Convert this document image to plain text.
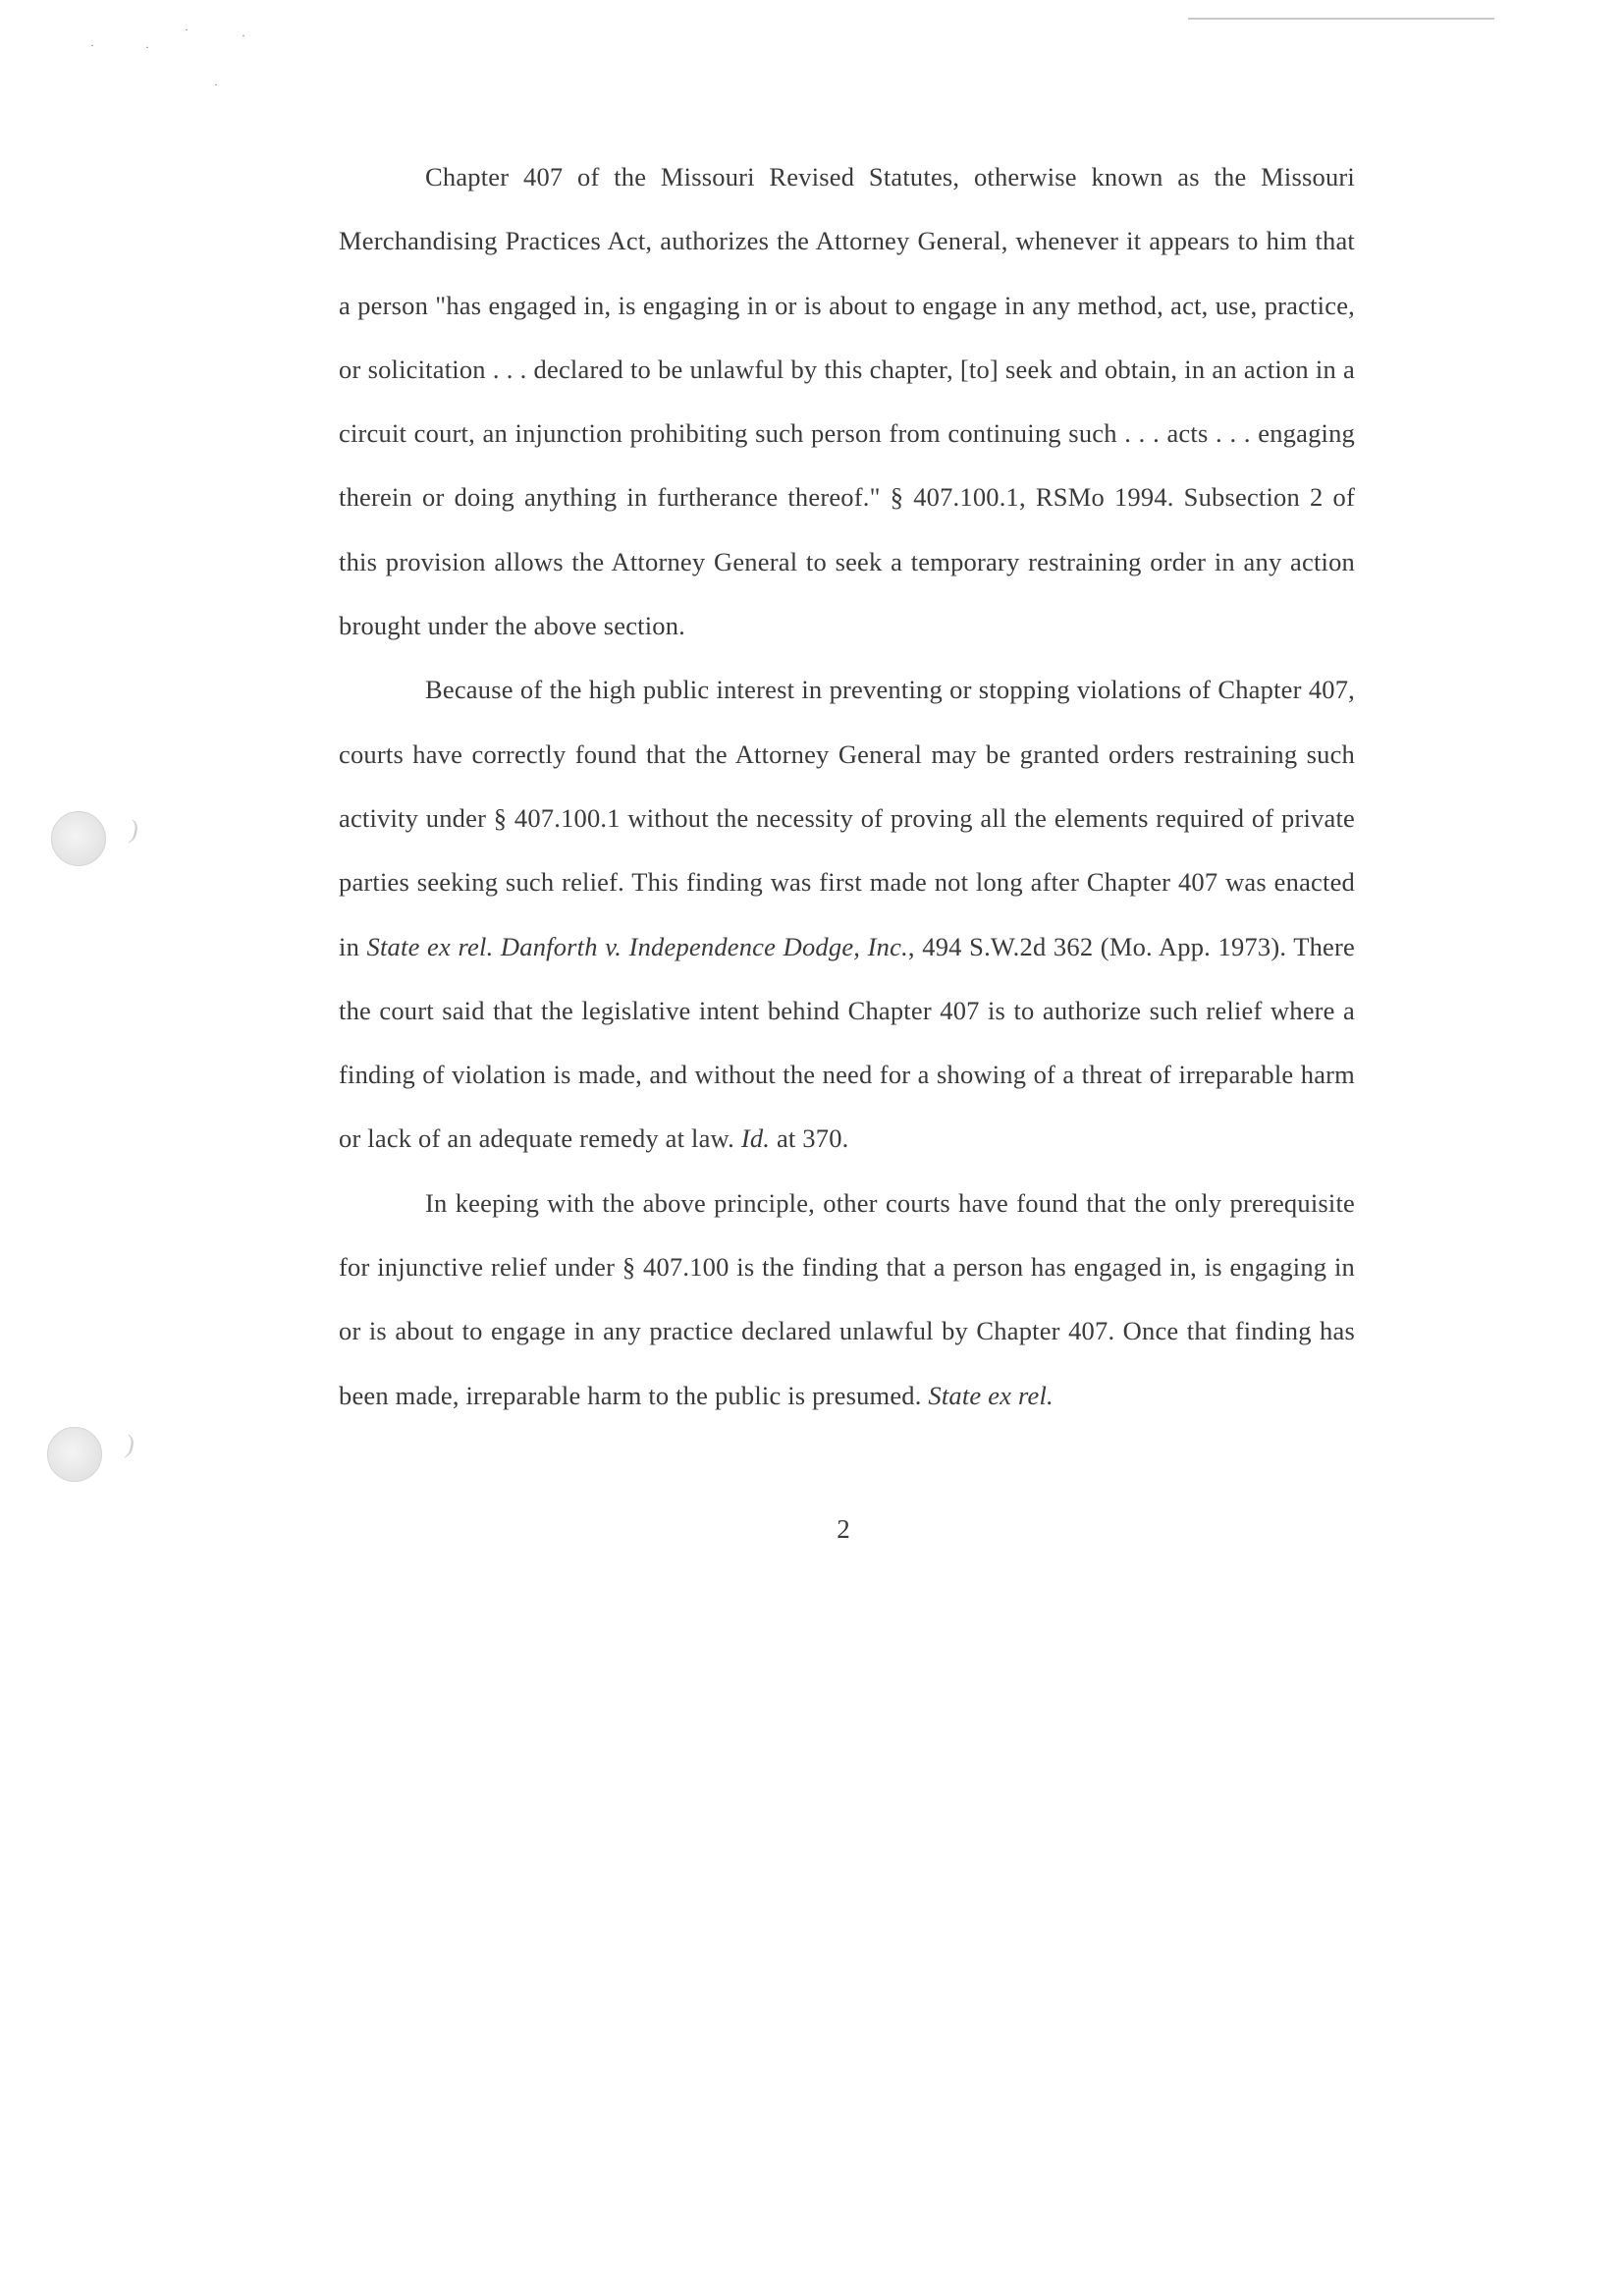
·	·
·	·
·
)
)

Chapter 407 of the Missouri Revised Statutes, otherwise known as the Missouri Merchandising Practices Act, authorizes the Attorney General, whenever it appears to him that a person "has engaged in, is engaging in or is about to engage in any method, act, use, practice, or solicitation . . . declared to be unlawful by this chapter, [to] seek and obtain, in an action in a circuit court, an injunction prohibiting such person from continuing such . . . acts . . . engaging therein or doing anything in furtherance thereof." § 407.100.1, RSMo 1994. Subsection 2 of this provision allows the Attorney General to seek a temporary restraining order in any action brought under the above section.

Because of the high public interest in preventing or stopping violations of Chapter 407, courts have correctly found that the Attorney General may be granted orders restraining such activity under § 407.100.1 without the necessity of proving all the elements required of private parties seeking such relief. This finding was first made not long after Chapter 407 was enacted in State ex rel. Danforth v. Independence Dodge, Inc., 494 S.W.2d 362 (Mo. App. 1973). There the court said that the legislative intent behind Chapter 407 is to authorize such relief where a finding of violation is made, and without the need for a showing of a threat of irreparable harm or lack of an adequate remedy at law. Id. at 370.

In keeping with the above principle, other courts have found that the only prerequisite for injunctive relief under § 407.100 is the finding that a person has engaged in, is engaging in or is about to engage in any practice declared unlawful by Chapter 407. Once that finding has been made, irreparable harm to the public is presumed. State ex rel.

2
